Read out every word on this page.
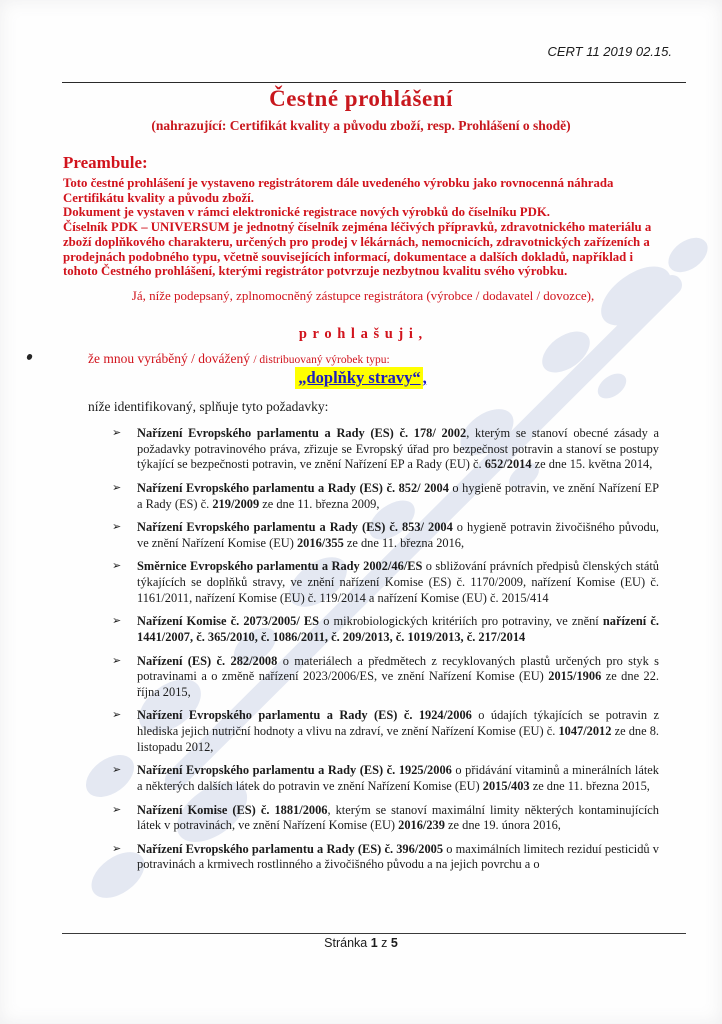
CERT 11 2019 02.15.
Čestné prohlášení
(nahrazující: Certifikát kvality a původu zboží, resp. Prohlášení o shodě)
Preambule:

Toto čestné prohlášení je vystaveno registrátorem dále uvedeného výrobku jako rovnocenná náhrada Certifikátu kvality a původu zboží.

Dokument je vystaven v rámci elektronické registrace nových výrobků do číselníku PDK.

Číselník PDK – UNIVERSUM je jednotný číselník zejména léčivých přípravků, zdravotnického materiálu a zboží doplňkového charakteru, určených pro prodej v lékárnách, nemocnicích, zdravotnických zařízeních a prodejnách podobného typu, včetně souvisejících informací, dokumentace a dalších dokladů, například i tohoto Čestného prohlášení, kterými registrátor potvrzuje nezbytnou kvalitu svého výrobku.

Já, níže podepsaný, zplnomocněný zástupce registrátora (výrobce / dodavatel / dovozce),
p r o h l a š u j i ,
že mnou vyráběný / dovážený / distribuovaný výrobek typu:
„doplňky stravy“ ,
níže identifikovaný, splňuje tyto požadavky:
➢ Nařízení Evropského parlamentu a Rady (ES) č. 178/ 2002, kterým se stanoví obecné zásady a požadavky potravinového práva, zřizuje se Evropský úřad pro bezpečnost potravin a stanoví se postupy týkající se bezpečnosti potravin, ve znění Nařízení EP a Rady (EU) č. 652/2014 ze dne 15. května 2014,
➢ Nařízení Evropského parlamentu a Rady (ES) č. 852/ 2004 o hygieně potravin, ve znění Nařízení EP a Rady (ES) č. 219/2009 ze dne 11. března 2009,
➢ Nařízení Evropského parlamentu a Rady (ES) č. 853/ 2004 o hygieně potravin živočišného původu, ve znění Nařízení Komise (EU) 2016/355 ze dne 11. března 2016,
➢ Směrnice Evropského parlamentu a Rady 2002/46/ES o sbližování právních předpisů členských států týkajících se doplňků stravy, ve znění nařízení Komise (ES) č. 1170/2009, nařízení Komise (EU) č. 1161/2011, nařízení Komise (EU) č. 119/2014 a nařízení Komise (EU) č. 2015/414
➢ Nařízení Komise č. 2073/2005/ ES o mikrobiologických kritériích pro potraviny, ve znění nařízení č. 1441/2007, č. 365/2010, č. 1086/2011, č. 209/2013, č. 1019/2013, č. 217/2014
➢ Nařízení (ES) č. 282/2008 o materiálech a předmětech z recyklovaných plastů určených pro styk s potravinami a o změně nařízení 2023/2006/ES, ve znění Nařízení Komise (EU) 2015/1906 ze dne 22. října 2015,
➢ Nařízení Evropského parlamentu a Rady (ES) č. 1924/2006 o údajích týkajících se potravin z hlediska jejich nutriční hodnoty a vlivu na zdraví, ve znění Nařízení Komise (EU) č. 1047/2012 ze dne 8. listopadu 2012,
➢ Nařízení Evropského parlamentu a Rady (ES) č. 1925/2006 o přidávání vitaminů a minerálních látek a některých dalších látek do potravin ve znění Nařízení Komise (EU) 2015/403 ze dne 11. března 2015,
➢ Nařízení Komise (ES) č. 1881/2006, kterým se stanoví maximální limity některých kontaminujících látek v potravinách, ve znění Nařízení Komise (EU) 2016/239 ze dne 19. února 2016,
➢ Nařízení Evropského parlamentu a Rady (ES) č. 396/2005 o maximálních limitech reziduí pesticidů v potravinách a krmivech rostlinného a živočišného původu a na jejich povrchu a o
Stránka 1 z 5
